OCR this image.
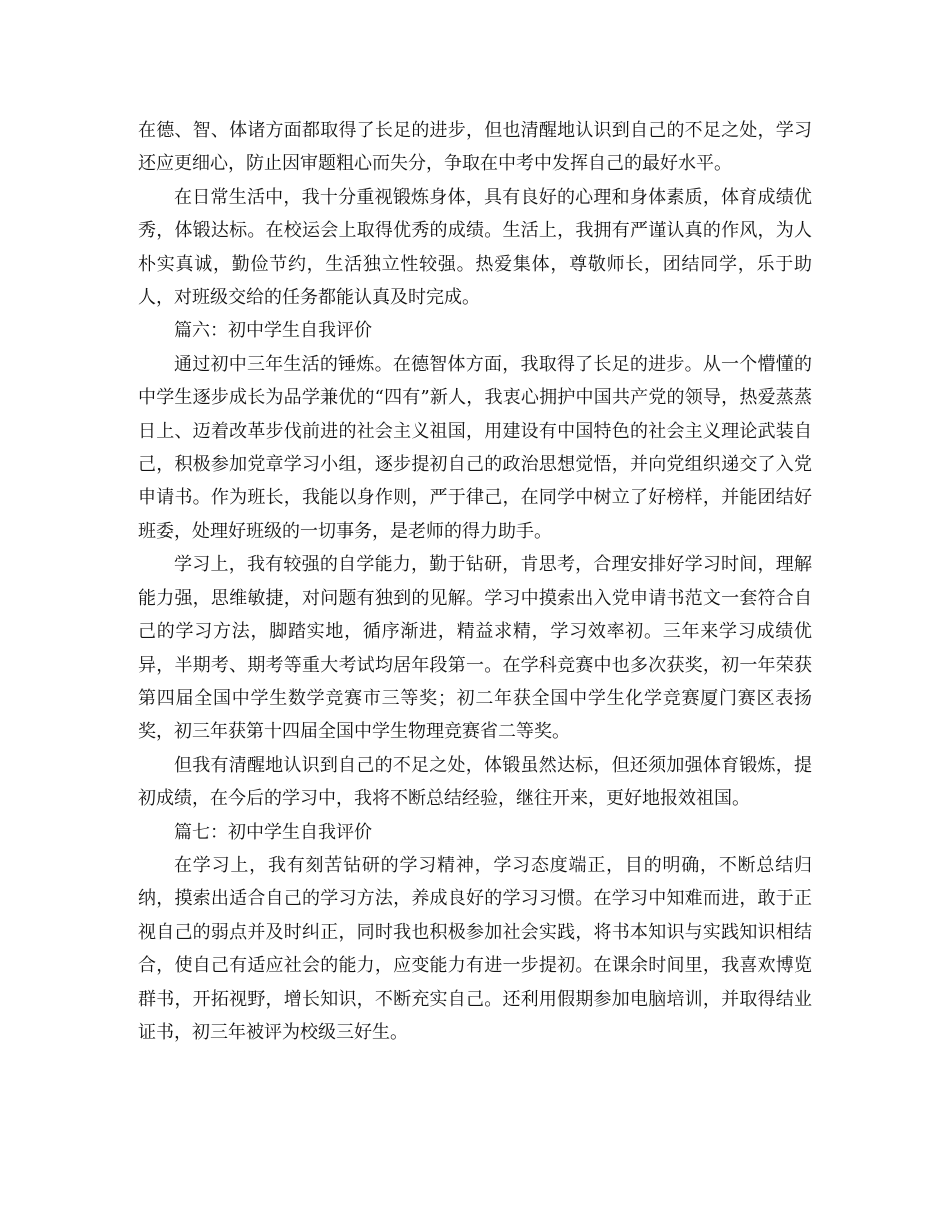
在德、智、体诸方面都取得了长足的进步，但也清醒地认识到自己的不足之处，学习还应更细心，防止因审题粗心而失分，争取在中考中发挥自己的最好水平。

在日常生活中，我十分重视锻炼身体，具有良好的心理和身体素质，体育成绩优秀，体锻达标。在校运会上取得优秀的成绩。生活上，我拥有严谨认真的作风，为人朴实真诚，勤俭节约，生活独立性较强。热爱集体，尊敬师长，团结同学，乐于助人，对班级交给的任务都能认真及时完成。

篇六：初中学生自我评价

通过初中三年生活的锤炼。在德智体方面，我取得了长足的进步。从一个懵懂的中学生逐步成长为品学兼优的“四有”新人，我衷心拥护中国共产党的领导，热爱蒸蒸日上、迈着改革步伐前进的社会主义祖国，用建设有中国特色的社会主义理论武装自己，积极参加党章学习小组，逐步提初自己的政治思想觉悟，并向党组织递交了入党申请书。作为班长，我能以身作则，严于律己，在同学中树立了好榜样，并能团结好班委，处理好班级的一切事务，是老师的得力助手。

学习上，我有较强的自学能力，勤于钻研，肯思考，合理安排好学习时间，理解能力强，思维敏捷，对问题有独到的见解。学习中摸索出入党申请书范文一套符合自己的学习方法，脚踏实地，循序渐进，精益求精，学习效率初。三年来学习成绩优异，半期考、期考等重大考试均居年段第一。在学科竞赛中也多次获奖，初一年荣获第四届全国中学生数学竞赛市三等奖；初二年获全国中学生化学竞赛厦门赛区表扬奖，初三年获第十四届全国中学生物理竞赛省二等奖。

但我有清醒地认识到自己的不足之处，体锻虽然达标，但还须加强体育锻炼，提初成绩，在今后的学习中，我将不断总结经验，继往开来，更好地报效祖国。

篇七：初中学生自我评价

在学习上，我有刻苦钻研的学习精神，学习态度端正，目的明确，不断总结归纳，摸索出适合自己的学习方法，养成良好的学习习惯。在学习中知难而进，敢于正视自己的弱点并及时纠正，同时我也积极参加社会实践，将书本知识与实践知识相结合，使自己有适应社会的能力，应变能力有进一步提初。在课余时间里，我喜欢博览群书，开拓视野，增长知识，不断充实自己。还利用假期参加电脑培训，并取得结业证书，初三年被评为校级三好生。
